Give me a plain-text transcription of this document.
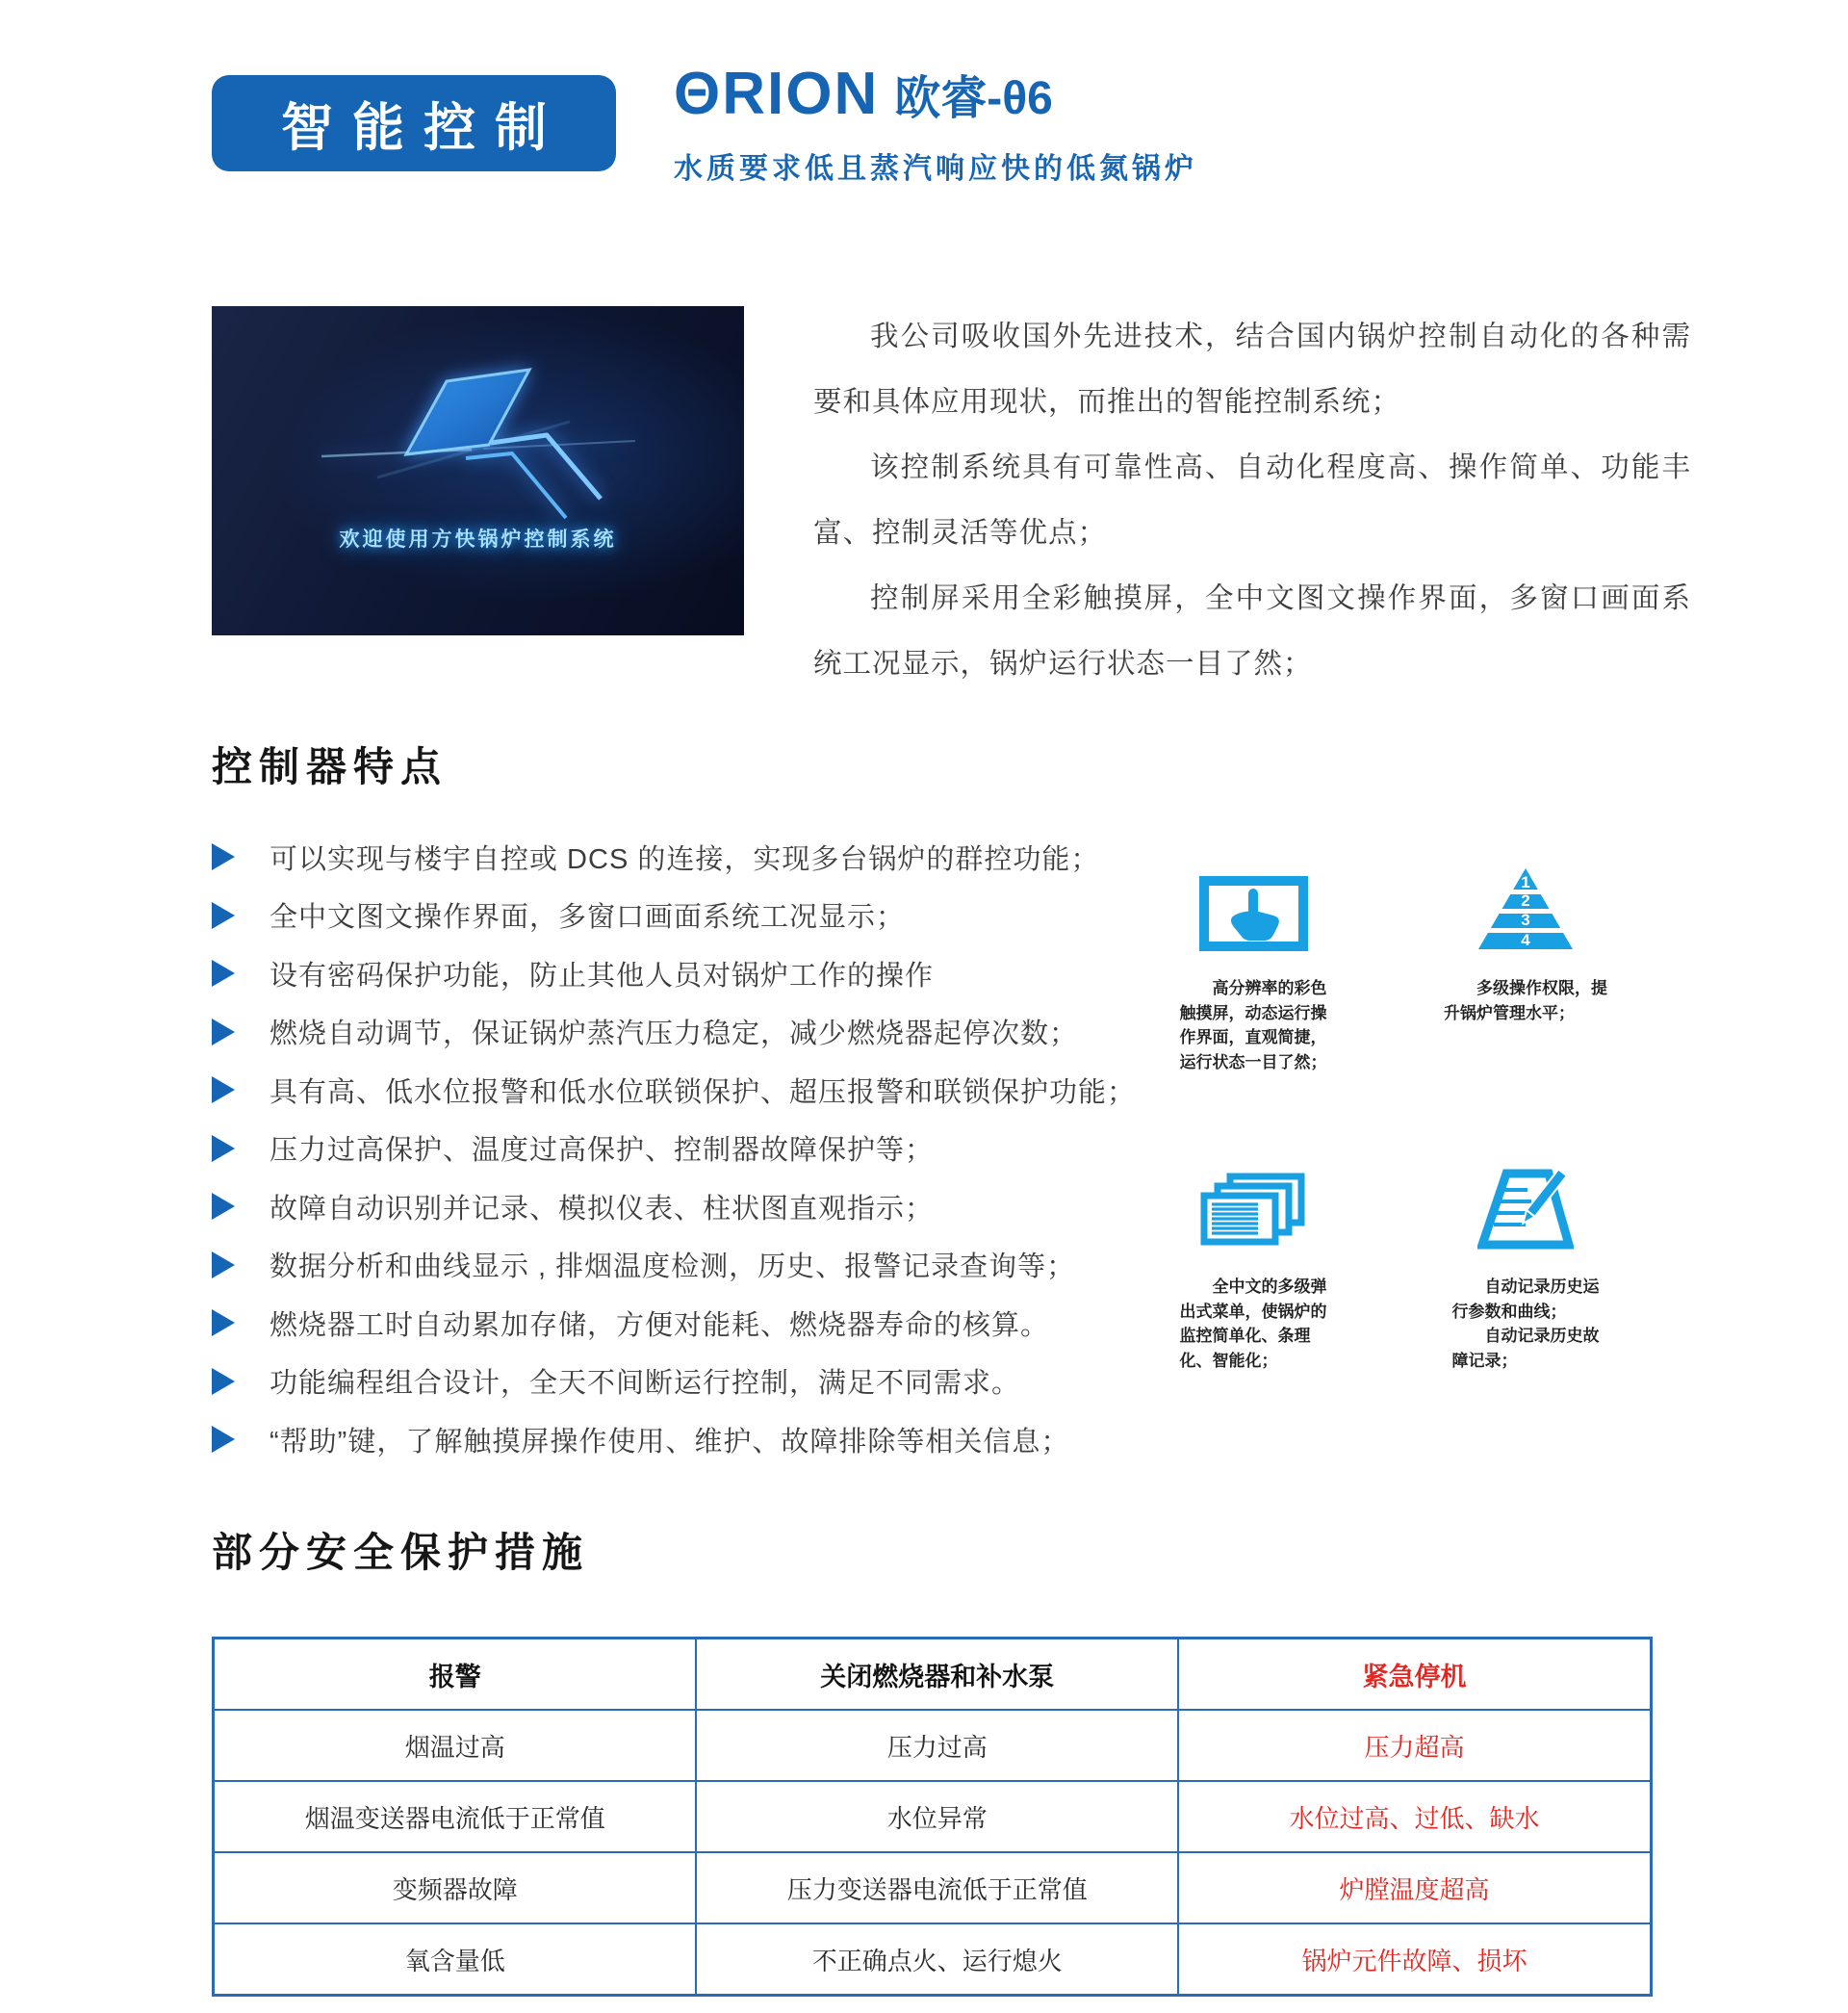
智能控制
ΘRION 欧睿-θ6
水质要求低且蒸汽响应快的低氮锅炉
欢迎使用方快锅炉控制系统

我公司吸收国外先进技术，结合国内锅炉控制自动化的各种需要和具体应用现状，而推出的智能控制系统；

该控制系统具有可靠性高、自动化程度高、操作简单、功能丰富、控制灵活等优点；

控制屏采用全彩触摸屏，全中文图文操作界面，多窗口画面系统工况显示，锅炉运行状态一目了然；

控制器特点
可以实现与楼宇自控或 DCS 的连接，实现多台锅炉的群控功能；
全中文图文操作界面，多窗口画面系统工况显示；
设有密码保护功能，防止其他人员对锅炉工作的操作
燃烧自动调节，保证锅炉蒸汽压力稳定，减少燃烧器起停次数；
具有高、低水位报警和低水位联锁保护、超压报警和联锁保护功能；
压力过高保护、温度过高保护、控制器故障保护等；
故障自动识别并记录、模拟仪表、柱状图直观指示；
数据分析和曲线显示 , 排烟温度检测，历史、报警记录查询等；
燃烧器工时自动累加存储，方便对能耗、燃烧器寿命的核算。
功能编程组合设计，全天不间断运行控制，满足不同需求。
“帮助”键，了解触摸屏操作使用、维护、故障排除等相关信息；
　　高分辨率的彩色
触摸屏，动态运行操
作界面，直观简捷，
运行状态一目了然；
1
2
3
4
　　多级操作权限，提
升锅炉管理水平；
　　全中文的多级弹
出式菜单，使锅炉的
监控简单化、条理
化、智能化；
　　自动记录历史运
行参数和曲线；
　　自动记录历史故
障记录；
部分安全保护措施
报警	关闭燃烧器和补水泵	紧急停机
烟温过高	压力过高	压力超高
烟温变送器电流低于正常值	水位异常	水位过高、过低、缺水
变频器故障	压力变送器电流低于正常值	炉膛温度超高
氧含量低	不正确点火、运行熄火	锅炉元件故障、损坏
